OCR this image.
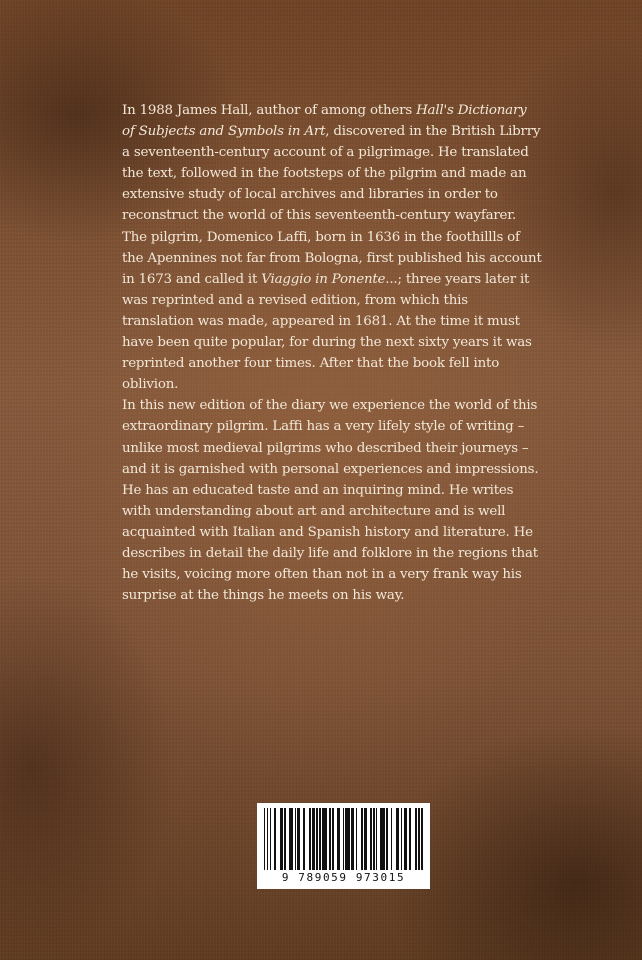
In 1988 James Hall, author of among others Hall's Dictionary of Subjects and Symbols in Art, discovered in the British Librry a seventeenth-century account of a pilgrimage. He translated the text, followed in the footsteps of the pilgrim and made an extensive study of local archives and libraries in order to reconstruct the world of this seventeenth-century wayfarer.

The pilgrim, Domenico Laffi, born in 1636 in the foothillls of the Apennines not far from Bologna, first published his account in 1673 and called it Viaggio in Ponente...; three years later it was reprinted and a revised edition, from which this translation was made, appeared in 1681. At the time it must have been quite popular, for during the next sixty years it was reprinted another four times. After that the book fell into oblivion.

In this new edition of the diary we experience the world of this extraordinary pilgrim. Laffi has a very lifely style of writing – unlike most medieval pilgrims who described their journeys –and it is garnished with personal experiences and impressions. He has an educated taste and an inquiring mind. He writes with understanding about art and architecture and is well acquainted with Italian and Spanish history and literature. He describes in detail the daily life and folklore in the regions that he visits, voicing more often than not in a very frank way his surprise at the things he meets on his way.

9 789059 973015
